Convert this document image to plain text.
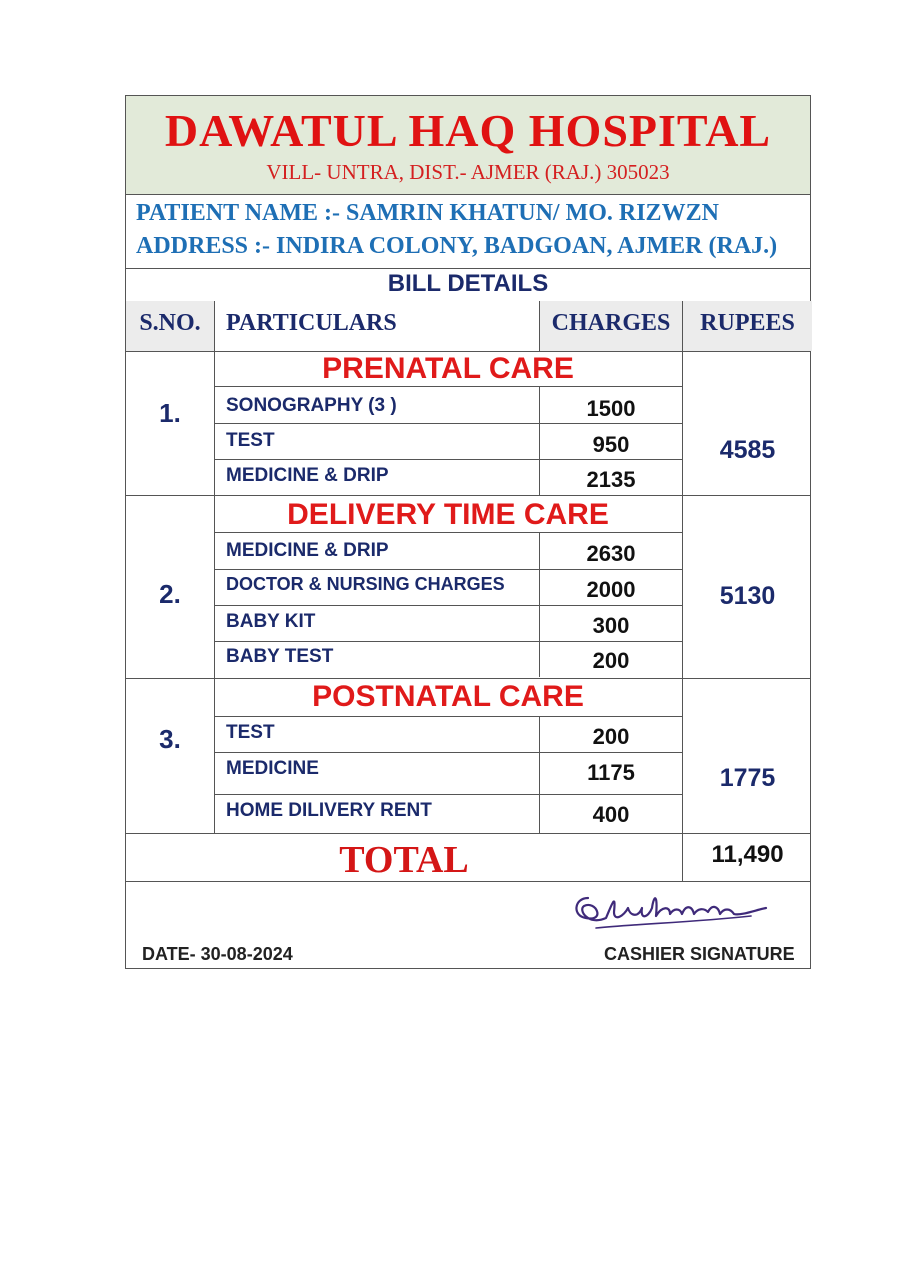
DAWATUL HAQ HOSPITAL
VILL- UNTRA, DIST.- AJMER (RAJ.) 305023
PATIENT NAME :- SAMRIN KHATUN/ MO. RIZWZN
ADDRESS :- INDIRA COLONY, BADGOAN, AJMER (RAJ.)
BILL DETAILS
S.NO.	PARTICULARS	CHARGES	RUPEES
1.
PRENATAL CARE
SONOGRAPHY (3 )	1500
TEST	950
MEDICINE & DRIP	2135
4585
2.
DELIVERY TIME CARE
MEDICINE & DRIP	2630
DOCTOR & NURSING CHARGES	2000
BABY KIT	300
BABY TEST	200
5130
3.
POSTNATAL CARE
TEST	200
MEDICINE	1175
HOME DILIVERY RENT	400
1775
TOTAL	11,490
DATE- 30-08-2024	CASHIER SIGNATURE
